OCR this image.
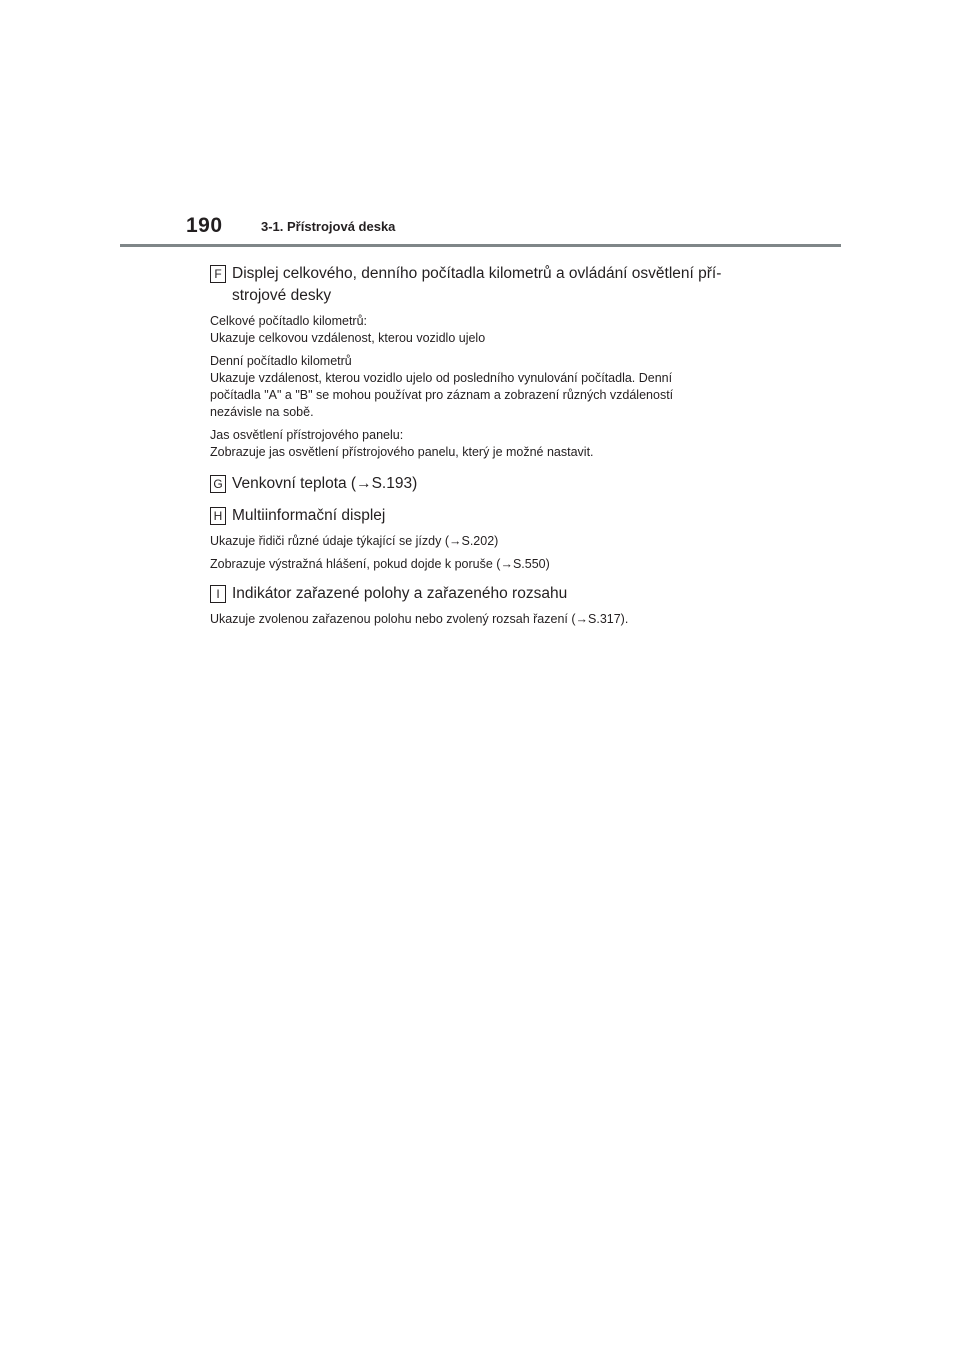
190	3-1. Přístrojová deska
F Displej celkového, denního počítadla kilometrů a ovládání osvětlení pří-
strojové desky
Celkové počítadlo kilometrů:
Ukazuje celkovou vzdálenost, kterou vozidlo ujelo
Denní počítadlo kilometrů
Ukazuje vzdálenost, kterou vozidlo ujelo od posledního vynulování počítadla. Denní
počítadla "A" a "B" se mohou používat pro záznam a zobrazení různých vzdáleností
nezávisle na sobě.
Jas osvětlení přístrojového panelu:
Zobrazuje jas osvětlení přístrojového panelu, který je možné nastavit.
G Venkovní teplota (→S.193)
H Multiinformační displej
Ukazuje řidiči různé údaje týkající se jízdy (→S.202)
Zobrazuje výstražná hlášení, pokud dojde k poruše (→S.550)
I Indikátor zařazené polohy a zařazeného rozsahu
Ukazuje zvolenou zařazenou polohu nebo zvolený rozsah řazení (→S.317).
